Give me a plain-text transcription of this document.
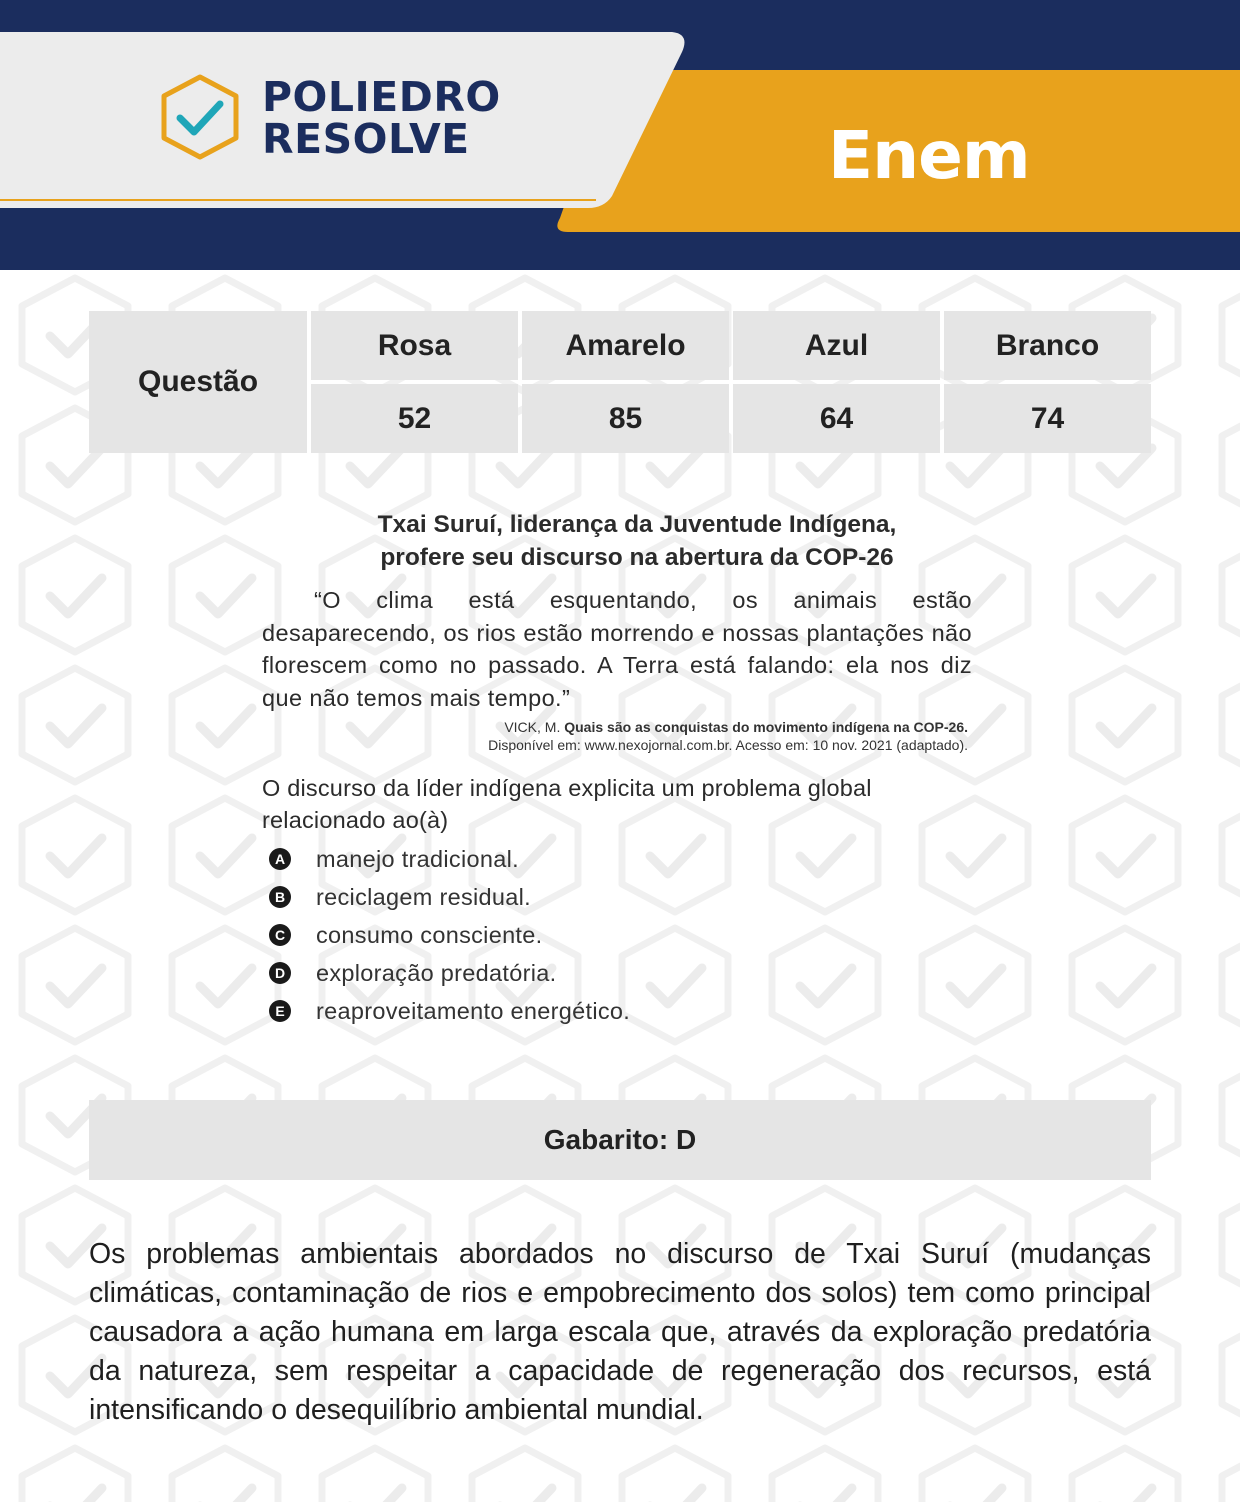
POLIEDRO
RESOLVE	Enem
Questão
Rosa	Amarelo	Azul	Branco
52	85	64	74
Txai Suruí, liderança da Juventude Indígena,
profere seu discurso na abertura da COP-26

“O clima está esquentando, os animais estão desaparecendo, os rios estão morrendo e nossas plantações não florescem como no passado. A Terra está falando: ela nos diz que não temos mais tempo.”

VICK, M. Quais são as conquistas do movimento indígena na COP-26.
Disponível em: www.nexojornal.com.br. Acesso em: 10 nov. 2021 (adaptado).

O discurso da líder indígena explicita um problema global relacionado ao(à)

A manejo tradicional.
B reciclagem residual.
C consumo consciente.
D exploração predatória.
E reaproveitamento energético.
Gabarito: D

Os problemas ambientais abordados no discurso de Txai Suruí (mudanças climáticas, contaminação de rios e empobrecimento dos solos) tem como principal causadora a ação humana em larga escala que, através da exploração predatória da natureza, sem respeitar a capacidade de regeneração dos recursos, está intensificando o desequilíbrio ambiental mundial.
